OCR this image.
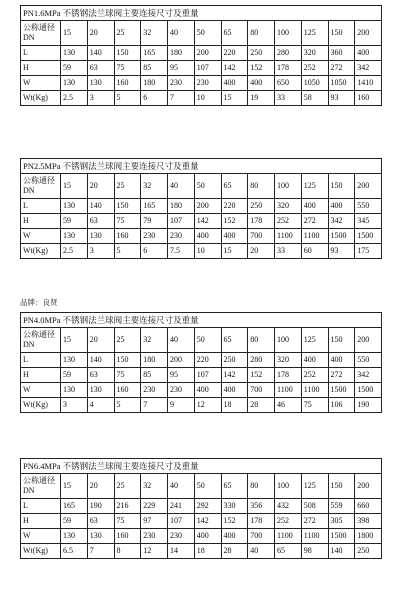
PN1.6MPa 不锈钢法兰球阀主要连接尺寸及重量												
公称通径 DN	15	20	25	32	40	50	65	80	100	125	150	200
L	130	140	150	165	180	200	220	250	280	320	360	400
H	59	63	75	85	95	107	142	152	178	252	272	342
W	130	130	160	180	230	230	400	400	650	1050	1050	1410
Wt(Kg)	2.5	3	5	6	7	10	15	19	33	58	93	160
PN2.5MPa 不锈钢法兰球阀主要连接尺寸及重量												
公称通径 DN	15	20	25	32	40	50	65	80	100	125	150	200
L	130	140	150	165	180	200	220	250	320	400	400	550
H	59	63	75	79	107	142	152	178	252	272	342	345
W	130	130	160	230	230	400	400	700	1100	1100	1500	1500
Wt(Kg)	2.5	3	5	6	7.5	10	15	20	33	60	93	175
品牌：良贤
PN4.0MPa 不锈钢法兰球阀主要连接尺寸及重量												
公称通径 DN	15	20	25	32	40	50	65	80	100	125	150	200
L	130	140	150	180	200	220	250	280	320	400	400	550
H	59	63	75	85	95	107	142	152	178	252	272	342
W	130	130	160	230	230	400	400	700	1100	1100	1500	1500
Wt(Kg)	3	4	5	7	9	12	18	28	46	75	106	190
PN6.4MPa 不锈钢法兰球阀主要连接尺寸及重量												
公称通径 DN	15	20	25	32	40	50	65	80	100	125	150	200
L	165	190	216	229	241	292	330	356	432	508	559	660
H	59	63	75	97	107	142	152	178	252	272	305	398
W	130	130	160	230	230	400	400	700	1100	1100	1500	1800
Wt(Kg)	6.5	7	8	12	14	18	28	40	65	98	140	250
